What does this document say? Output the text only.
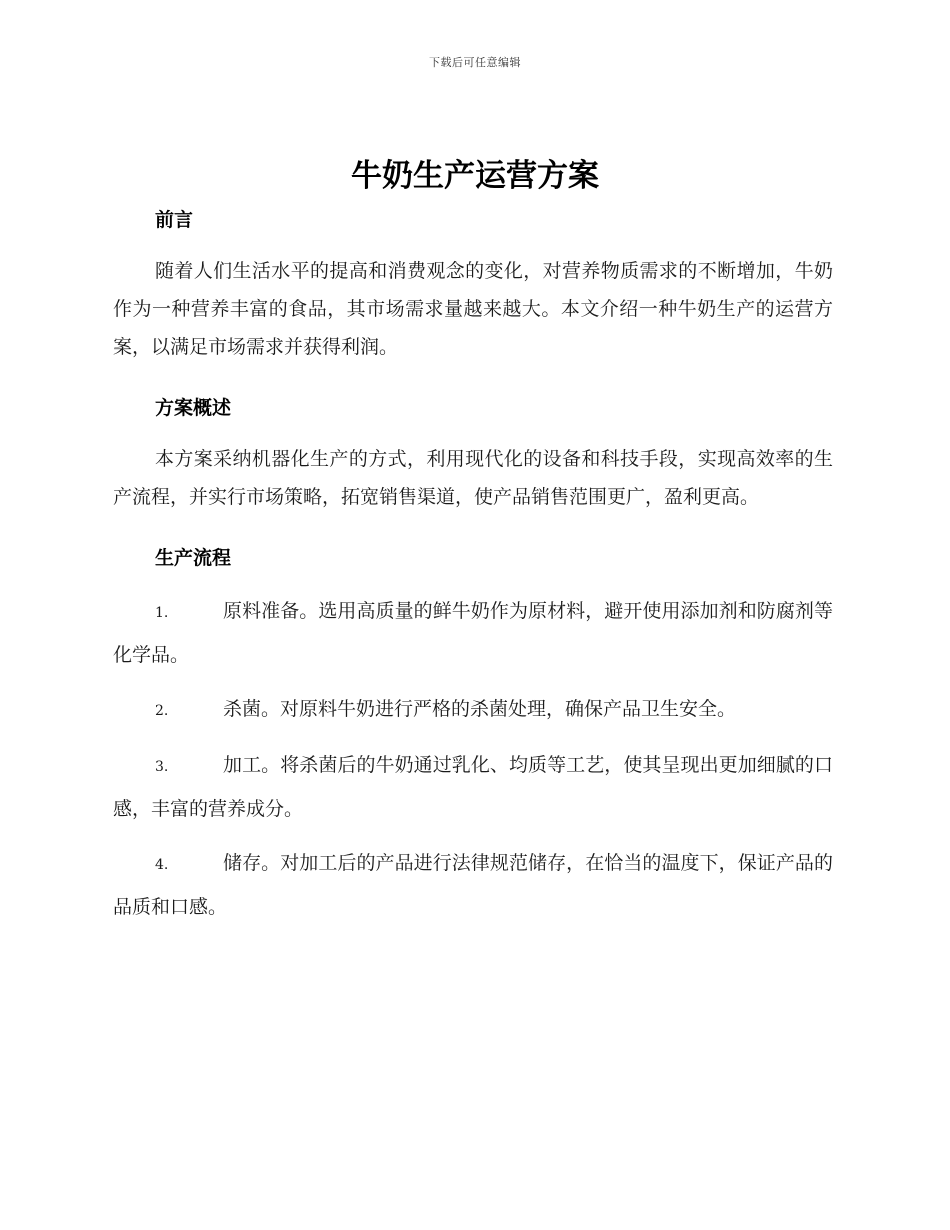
下载后可任意编辑
牛奶生产运营方案
前言

随着人们生活水平的提高和消费观念的变化，对营养物质需求的不断增加，牛奶作为一种营养丰富的食品，其市场需求量越来越大。本文介绍一种牛奶生产的运营方案，以满足市场需求并获得利润。

方案概述

本方案采纳机器化生产的方式，利用现代化的设备和科技手段，实现高效率的生产流程，并实行市场策略，拓宽销售渠道，使产品销售范围更广，盈利更高。

生产流程

1.	原料准备。选用高质量的鲜牛奶作为原材料，避开使用添加剂和防腐剂等化学品。

2.	杀菌。对原料牛奶进行严格的杀菌处理，确保产品卫生安全。

3.	加工。将杀菌后的牛奶通过乳化、均质等工艺，使其呈现出更加细腻的口感，丰富的营养成分。

4.	储存。对加工后的产品进行法律规范储存，在恰当的温度下，保证产品的品质和口感。
